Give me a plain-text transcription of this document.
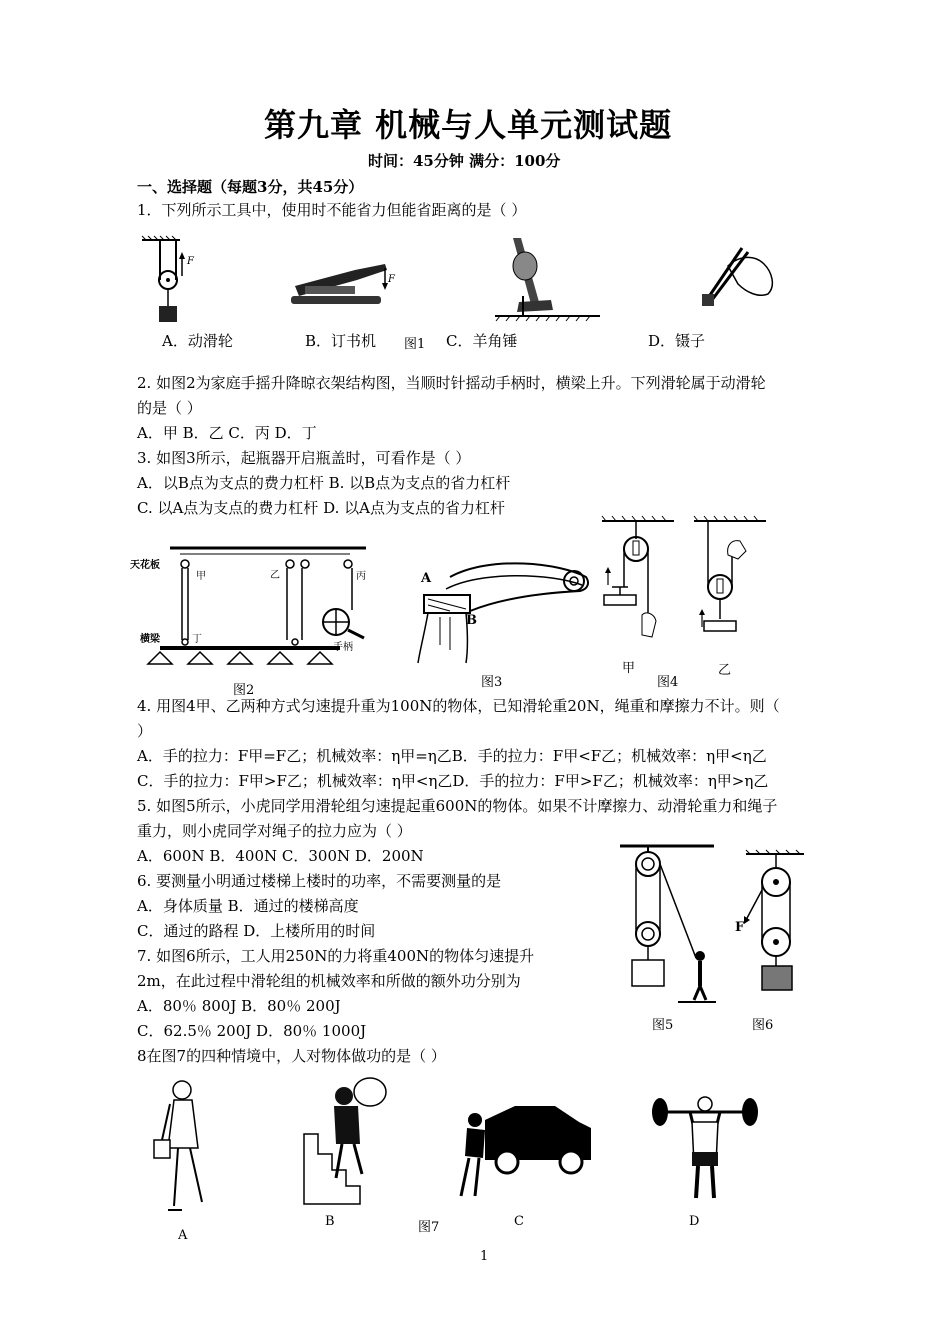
第九章 机械与人单元测试题
时间：45分钟 满分：100分
一、选择题（每题3分，共45分）
1．下列所示工具中，使用时不能省力但能省距离的是（ ）
F
F
A．动滑轮	B．订书机 图1 C．羊角锤	D．镊子
2. 如图2为家庭手摇升降晾衣架结构图，当顺时针摇动手柄时，横梁上升。下列滑轮属于动滑轮
的是（ ）
A．甲 B．乙 C．丙 D．丁
3. 如图3所示，起瓶器开启瓶盖时，可看作是（ ）
A．以B点为支点的费力杠杆 B. 以B点为支点的省力杠杆
C. 以A点为支点的费力杠杆 D. 以A点为支点的省力杠杆
天花板
甲	乙	丙
横梁	丁
手柄
图2
A
B
图3
甲
图4
乙
4. 用图4甲、乙两种方式匀速提升重为100N的物体，已知滑轮重20N，绳重和摩擦力不计。则（
）
A．手的拉力：F甲=F乙；机械效率：η甲=η乙B．手的拉力：F甲<F乙；机械效率：η甲<η乙
C．手的拉力：F甲>F乙；机械效率：η甲<η乙D．手的拉力：F甲>F乙；机械效率：η甲>η乙
5. 如图5所示，小虎同学用滑轮组匀速提起重600N的物体。如果不计摩擦力、动滑轮重力和绳子
重力，则小虎同学对绳子的拉力应为（ ）
A．600N B．400N C．300N D．200N
6. 要测量小明通过楼梯上楼时的功率，不需要测量的是
A．身体质量 B．通过的楼梯高度
C．通过的路程 D．上楼所用的时间
7. 如图6所示，工人用250N的力将重400N的物体匀速提升
2m，在此过程中滑轮组的机械效率和所做的额外功分别为
A．80％ 800J B．80％ 200J
C．62.5％ 200J D．80％ 1000J
F
图5	图6
8在图7的四种情境中，人对物体做功的是（ ）
A
B	图7	C	D
1
